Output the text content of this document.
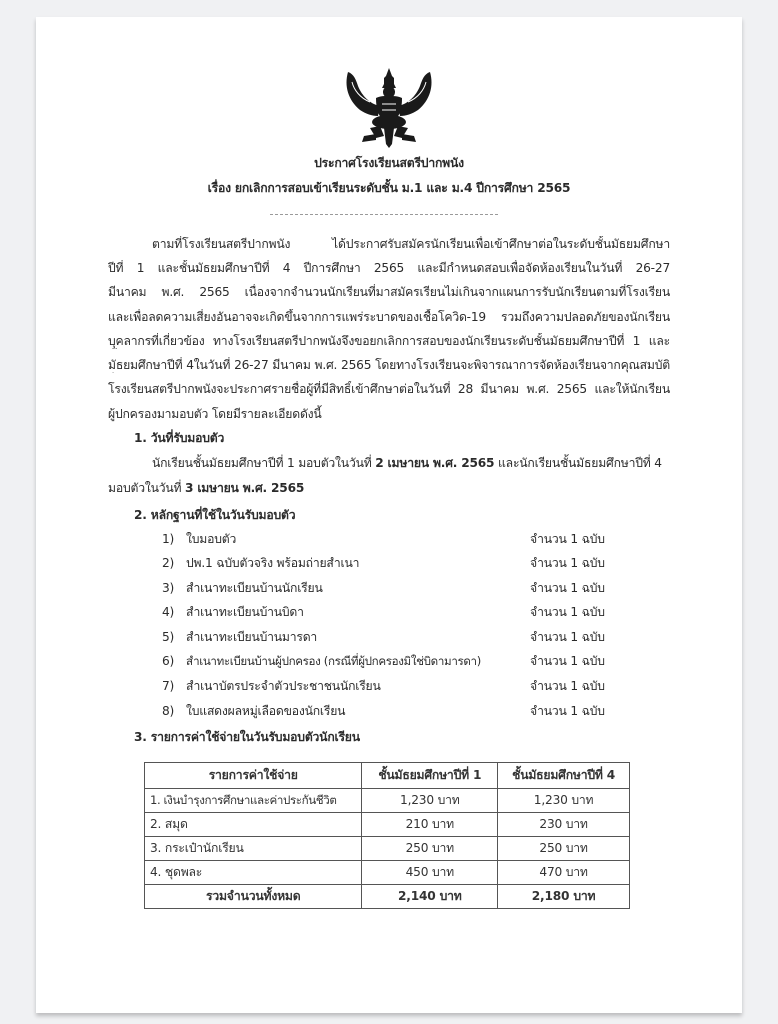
ประกาศโรงเรียนสตรีปากพนัง
เรื่อง ยกเลิกการสอบเข้าเรียนระดับชั้น ม.1 และ ม.4 ปีการศึกษา 2565
ตามที่โรงเรียนสตรีปากพนัง ได้ประกาศรับสมัครนักเรียนเพื่อเข้าศึกษาต่อในระดับชั้นมัธยมศึกษา
ปีที่ 1 และชั้นมัธยมศึกษาปีที่ 4 ปีการศึกษา 2565 และมีกำหนดสอบเพื่อจัดห้องเรียนในวันที่ 26-27
มีนาคม พ.ศ. 2565 เนื่องจากจำนวนนักเรียนที่มาสมัครเรียนไม่เกินจากแผนการรับนักเรียนตามที่โรงเรียน
และเพื่อลดความเสี่ยงอันอาจจะเกิดขึ้นจากการแพร่ระบาดของเชื้อโควิด-19 รวมถึงความปลอดภัยของนักเรียน
บุคลากรที่เกี่ยวข้อง ทางโรงเรียนสตรีปากพนังจึงขอยกเลิกการสอบของนักเรียนระดับชั้นมัธยมศึกษาปีที่ 1 และ
มัธยมศึกษาปีที่ 4ในวันที่ 26-27 มีนาคม พ.ศ. 2565 โดยทางโรงเรียนจะพิจารณาการจัดห้องเรียนจากคุณสมบัติ
โรงเรียนสตรีปากพนังจะประกาศรายชื่อผู้ที่มีสิทธิ์เข้าศึกษาต่อในวันที่ 28 มีนาคม พ.ศ. 2565 และให้นักเรียน
ผู้ปกครองมามอบตัว โดยมีรายละเอียดดังนี้
1. วันที่รับมอบตัว
นักเรียนชั้นมัธยมศึกษาปีที่ 1 มอบตัวในวันที่ 2 เมษายน พ.ศ. 2565 และนักเรียนชั้นมัธยมศึกษาปีที่ 4
มอบตัวในวันที่ 3 เมษายน พ.ศ. 2565
2. หลักฐานที่ใช้ในวันรับมอบตัว
1) ใบมอบตัว	จำนวน 1 ฉบับ
2) ปพ.1 ฉบับตัวจริง พร้อมถ่ายสำเนา	จำนวน 1 ฉบับ
3) สำเนาทะเบียนบ้านนักเรียน	จำนวน 1 ฉบับ
4) สำเนาทะเบียนบ้านบิดา	จำนวน 1 ฉบับ
5) สำเนาทะเบียนบ้านมารดา	จำนวน 1 ฉบับ
6) สำเนาทะเบียนบ้านผู้ปกครอง (กรณีที่ผู้ปกครองมิใช่บิดามารดา)	จำนวน 1 ฉบับ
7) สำเนาบัตรประจำตัวประชาชนนักเรียน	จำนวน 1 ฉบับ
8) ใบแสดงผลหมู่เลือดของนักเรียน	จำนวน 1 ฉบับ
3. รายการค่าใช้จ่ายในวันรับมอบตัวนักเรียน
รายการค่าใช้จ่าย	ชั้นมัธยมศึกษาปีที่ 1	ชั้นมัธยมศึกษาปีที่ 4
1. เงินบำรุงการศึกษาและค่าประกันชีวิต	1,230 บาท	1,230 บาท
2. สมุด	210 บาท	230 บาท
3. กระเป๋านักเรียน	250 บาท	250 บาท
4. ชุดพละ	450 บาท	470 บาท
รวมจำนวนทั้งหมด	2,140 บาท	2,180 บาท
